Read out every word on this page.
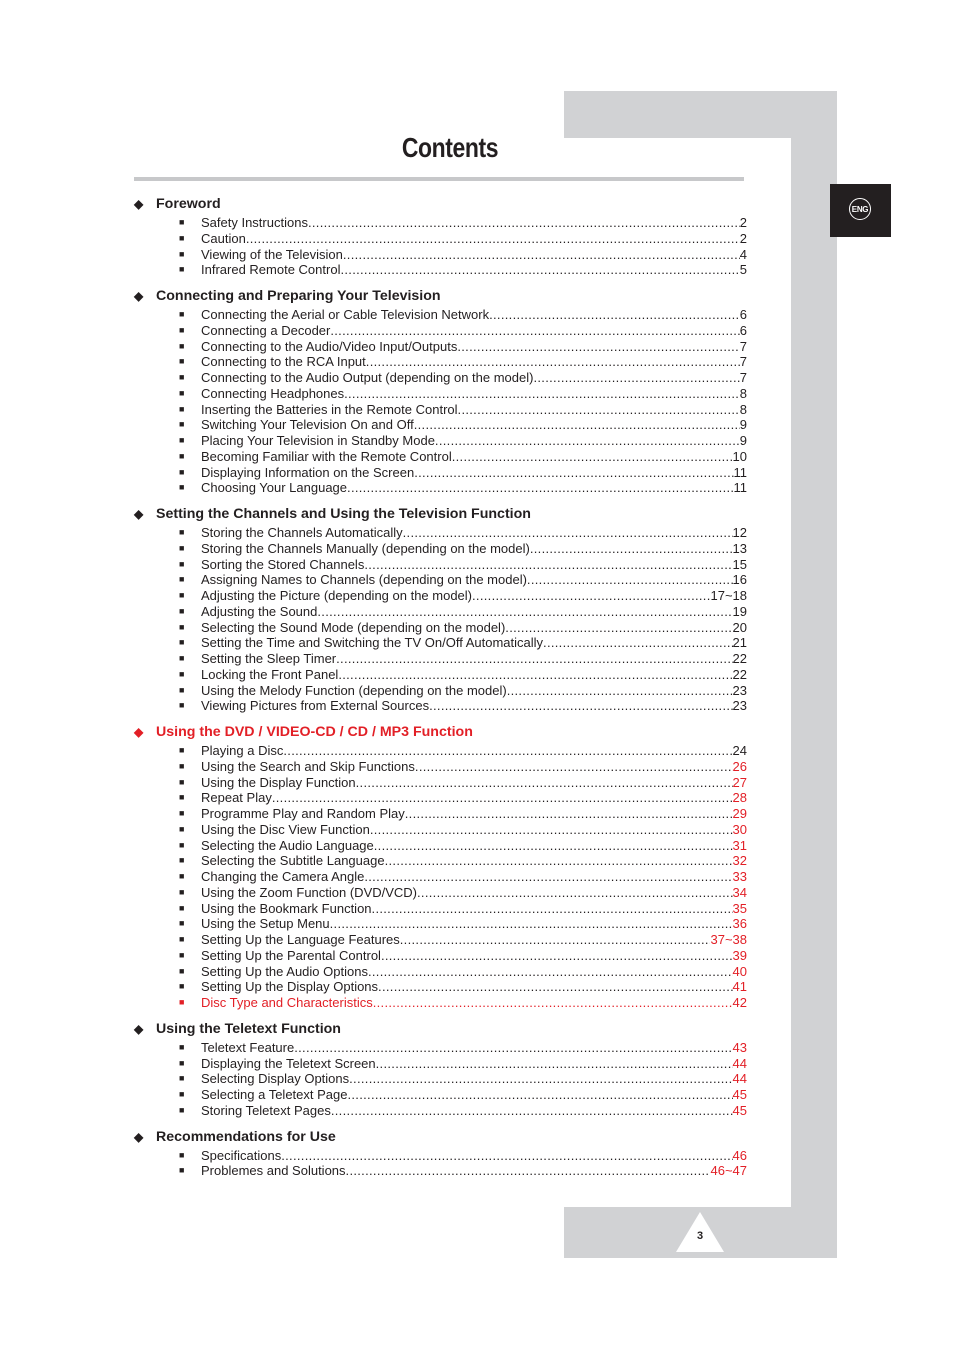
ENG
Contents
◆ Foreword
■ Safety Instructions .....	2
■ Caution .....	2
■ Viewing of the Television .....	4
■ Infrared Remote Control .....	5
◆ Connecting and Preparing Your Television
■ Connecting the Aerial or Cable Television Network .....	6
■ Connecting a Decoder .....	6
■ Connecting to the Audio/Video Input/Outputs .....	7
■ Connecting to the RCA Input .....	7
■ Connecting to the Audio Output (depending on the model) .....	7
■ Connecting Headphones .....	8
■ Inserting the Batteries in the Remote Control .....	8
■ Switching Your Television On and Off .....	9
■ Placing Your Television in Standby Mode .....	9
■ Becoming Familiar with the Remote Control .....	10
■ Displaying Information on the Screen .....	11
■ Choosing Your Language .....	11
◆ Setting the Channels and Using the Television Function
■ Storing the Channels Automatically .....	12
■ Storing the Channels Manually (depending on the model) .....	13
■ Sorting the Stored Channels .....	15
■ Assigning Names to Channels (depending on the model) .....	16
■ Adjusting the Picture (depending on the model) .....	17~18
■ Adjusting the Sound .....	19
■ Selecting the Sound Mode (depending on the model) .....	20
■ Setting the Time and Switching the TV On/Off Automatically .....	21
■ Setting the Sleep Timer .....	22
■ Locking the Front Panel .....	22
■ Using the Melody Function (depending on the model) .....	23
■ Viewing Pictures from External Sources .....	23
◆ Using the DVD / VIDEO-CD / CD / MP3 Function
■ Playing a Disc .....	24
■ Using the Search and Skip Functions .....	26
■ Using the Display Function .....	27
■ Repeat Play .....	28
■ Programme Play and Random Play .....	29
■ Using the Disc View Function .....	30
■ Selecting the Audio Language .....	31
■ Selecting the Subtitle Language .....	32
■ Changing the Camera Angle .....	33
■ Using the Zoom Function (DVD/VCD) .....	34
■ Using the Bookmark Function .....	35
■ Using the Setup Menu .....	36
■ Setting Up the Language Features .....	37~38
■ Setting Up the Parental Control .....	39
■ Setting Up the Audio Options .....	40
■ Setting Up the Display Options .....	41
■ Disc Type and Characteristics .....	42
◆ Using the Teletext Function
■ Teletext Feature .....	43
■ Displaying the Teletext Screen .....	44
■ Selecting Display Options .....	44
■ Selecting a Teletext Page .....	45
■ Storing Teletext Pages .....	45
◆ Recommendations for Use
■ Specifications .....	46
■ Problemes and Solutions .....	46~47
3
